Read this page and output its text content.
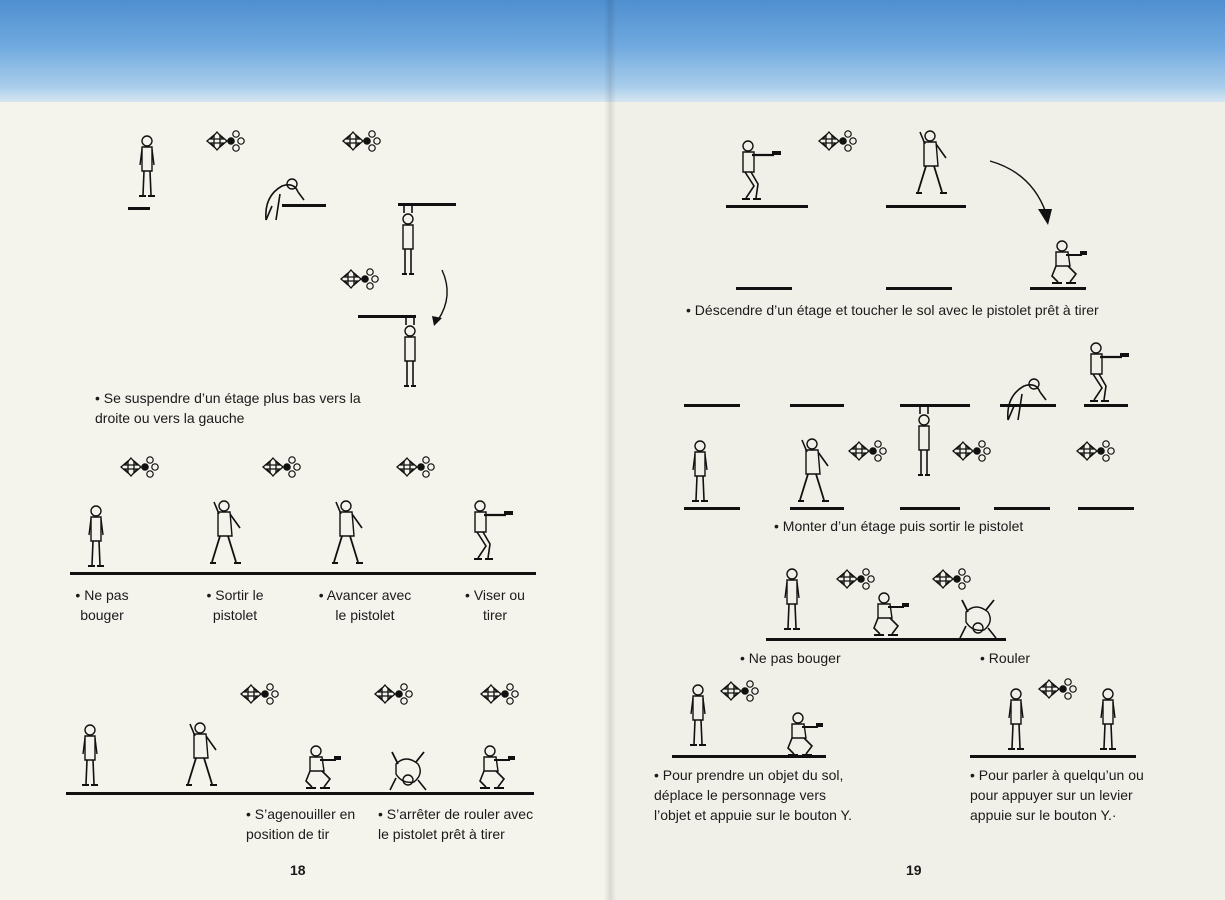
• Se suspendre d’un étage plus bas vers la
droite ou vers la gauche
• Ne pas
bouger
• Sortir le
pistolet
• Avancer avec
le pistolet
• Viser ou
tirer
• S’agenouiller en
position de tir
• S’arrêter de rouler avec
le pistolet prêt à tirer
18
• Déscendre d’un étage et toucher le sol avec le pistolet prêt à tirer
• Monter d’un étage puis sortir le pistolet
• Ne pas bouger	• Rouler
• Pour prendre un objet du sol,
déplace le personnage vers
l’objet et appuie sur le bouton Y.
• Pour parler à quelqu’un ou
pour appuyer sur un levier
appuie sur le bouton Y.·
19
